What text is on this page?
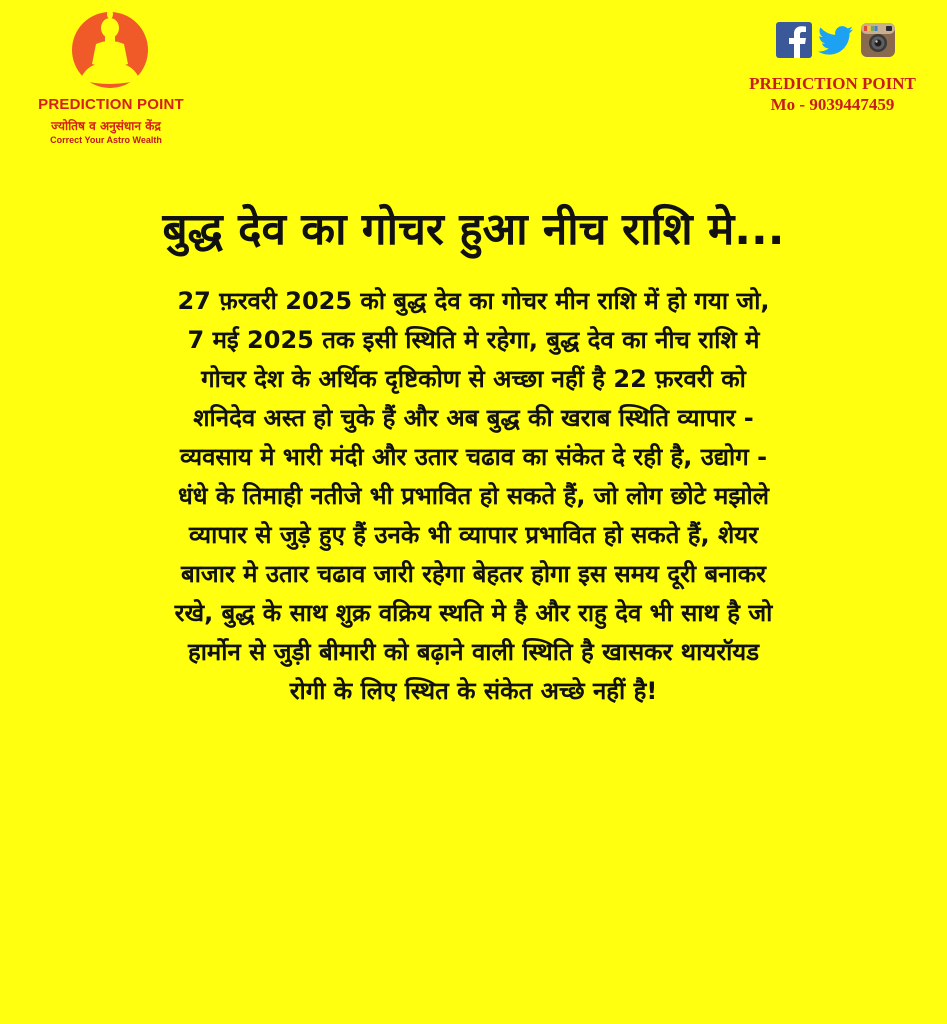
PREDICTION POINT
ज्योतिष व अनुसंधान केंद्र
Correct Your Astro Wealth
PREDICTION POINT
Mo - 9039447459
बुद्ध देव का गोचर हुआ नीच राशि मे...

27 फ़रवरी 2025 को बुद्ध देव का गोचर मीन राशि में हो गया जो, 7 मई 2025 तक इसी स्थिति मे रहेगा, बुद्ध देव का नीच राशि मे गोचर देश के अर्थिक दृष्टिकोण से अच्छा नहीं है 22 फ़रवरी को शनिदेव अस्त हो चुके हैं और अब बुद्ध की खराब स्थिति व्यापार - व्यवसाय मे भारी मंदी और उतार चढाव का संकेत दे रही है, उद्योग - धंधे के तिमाही नतीजे भी प्रभावित हो सकते हैं, जो लोग छोटे मझोले व्यापार से जुड़े हुए हैं उनके भी व्यापार प्रभावित हो सकते हैं, शेयर बाजार मे उतार चढाव जारी रहेगा बेहतर होगा इस समय दूरी बनाकर रखे, बुद्ध के साथ शुक्र वक्रिय स्थति मे है और राहु देव भी साथ है जो हार्मोन से जुड़ी बीमारी को बढ़ाने वाली स्थिति है खासकर थायरॉयड रोगी के लिए स्थित के संकेत अच्छे नहीं है!
